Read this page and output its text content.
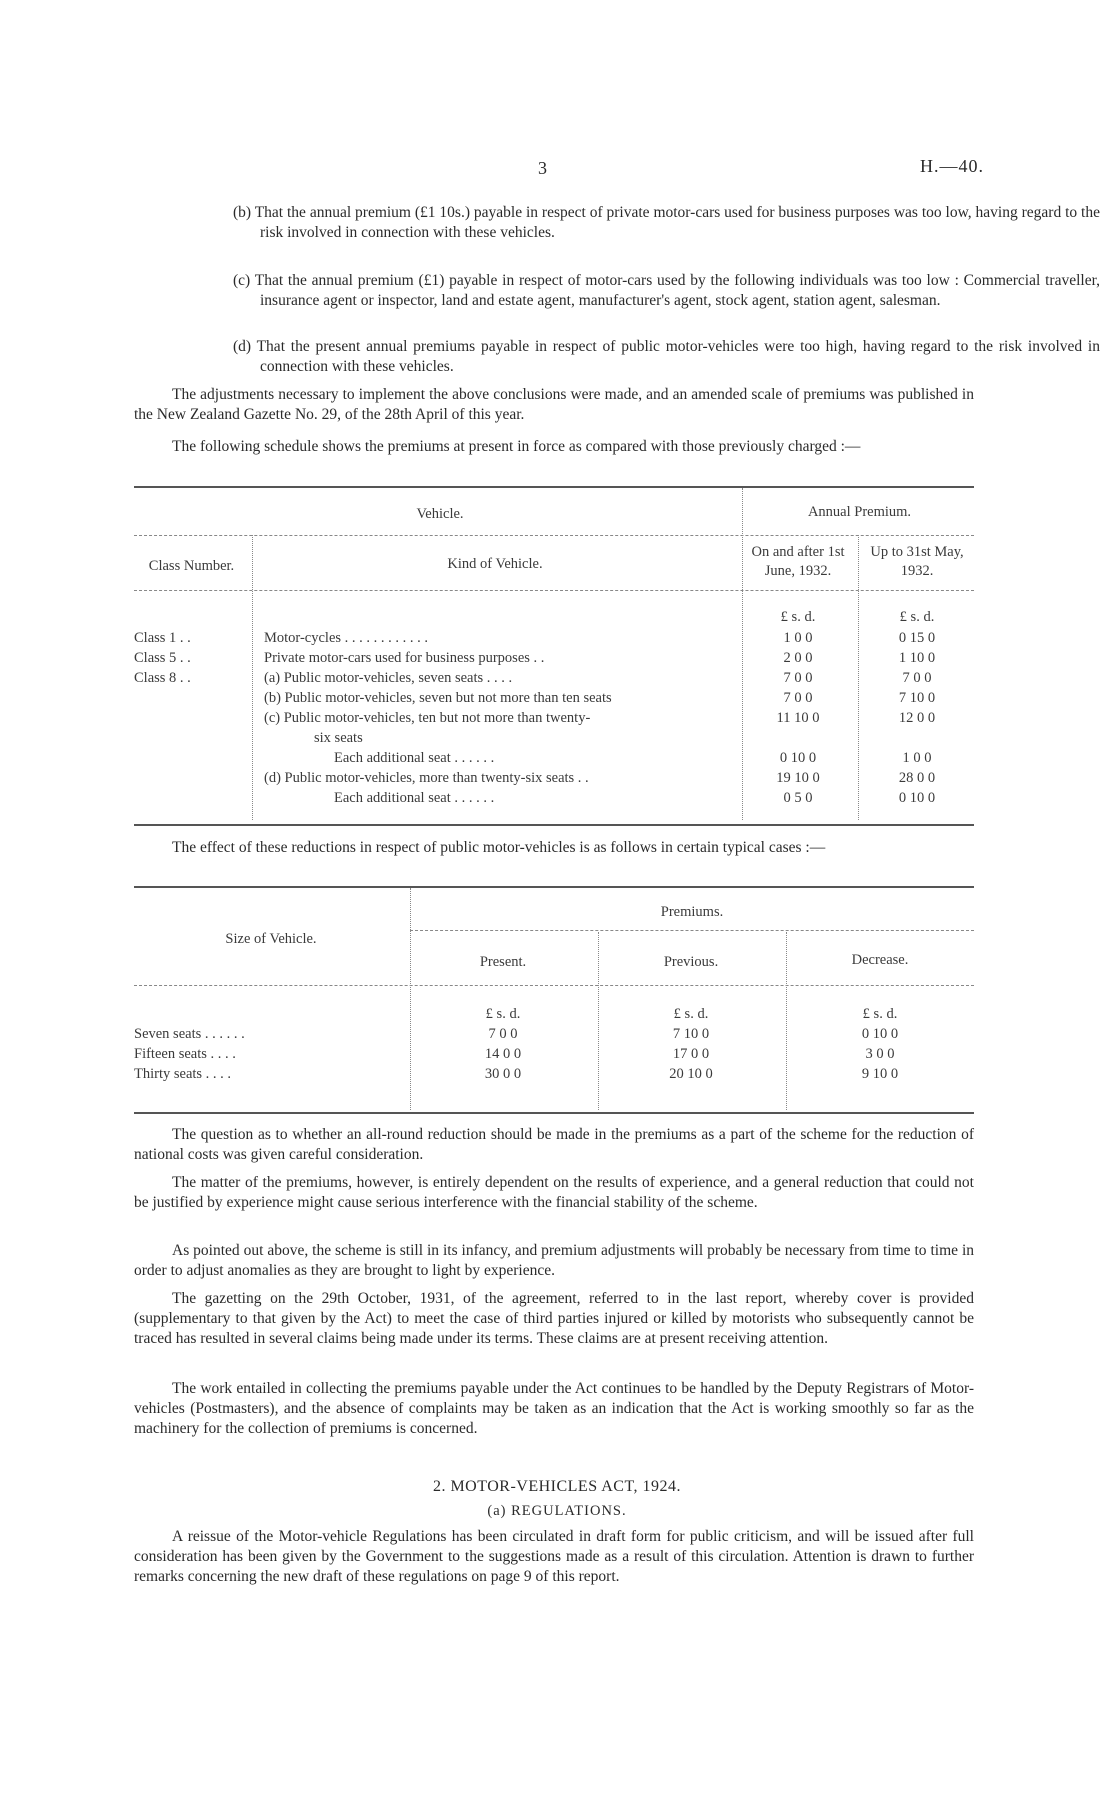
3	H.—40.
(b) That the annual premium (£1 10s.) payable in respect of private motor-cars used for business purposes was too low, having regard to the risk involved in connection with these vehicles.
(c) That the annual premium (£1) payable in respect of motor-cars used by the following individuals was too low : Commercial traveller, insurance agent or inspector, land and estate agent, manufacturer's agent, stock agent, station agent, salesman.
(d) That the present annual premiums payable in respect of public motor-vehicles were too high, having regard to the risk involved in connection with these vehicles.
The adjustments necessary to implement the above conclusions were made, and an amended scale of premiums was published in the New Zealand Gazette No. 29, of the 28th April of this year.
The following schedule shows the premiums at present in force as compared with those previously charged :—
Vehicle.	Annual Premium.
Class Number.	Kind of Vehicle.
On and after 1st June, 1932.
Up to 31st May, 1932.
£ s. d.	£ s. d.
Class 1 . .	Motor-cycles . . . . . . . . . . . .	1 0 0	0 15 0
Class 5 . .	Private motor-cars used for business purposes . .	2 0 0	1 10 0
Class 8 . .	(a) Public motor-vehicles, seven seats . . . .	7 0 0	7 0 0
(b) Public motor-vehicles, seven but not more than ten seats	7 0 0	7 10 0
(c) Public motor-vehicles, ten but not more than twenty-	11 10 0	12 0 0
six seats
Each additional seat . . . . . .	0 10 0	1 0 0
(d) Public motor-vehicles, more than twenty-six seats . .	19 10 0	28 0 0
Each additional seat . . . . . .	0 5 0	0 10 0
The effect of these reductions in respect of public motor-vehicles is as follows in certain typical cases :—
Size of Vehicle.
Premiums.
Present.	Previous.	Decrease.
£ s. d.	£ s. d.	£ s. d.
Seven seats . . . . . .	7 0 0	7 10 0	0 10 0
Fifteen seats . . . .	14 0 0	17 0 0	3 0 0
Thirty seats . . . .	30 0 0	20 10 0	9 10 0
The question as to whether an all-round reduction should be made in the premiums as a part of the scheme for the reduction of national costs was given careful consideration.
The matter of the premiums, however, is entirely dependent on the results of experience, and a general reduction that could not be justified by experience might cause serious interference with the financial stability of the scheme.
As pointed out above, the scheme is still in its infancy, and premium adjustments will probably be necessary from time to time in order to adjust anomalies as they are brought to light by experience.
The gazetting on the 29th October, 1931, of the agreement, referred to in the last report, whereby cover is provided (supplementary to that given by the Act) to meet the case of third parties injured or killed by motorists who subsequently cannot be traced has resulted in several claims being made under its terms. These claims are at present receiving attention.
The work entailed in collecting the premiums payable under the Act continues to be handled by the Deputy Registrars of Motor-vehicles (Postmasters), and the absence of complaints may be taken as an indication that the Act is working smoothly so far as the machinery for the collection of premiums is concerned.
2. MOTOR-VEHICLES ACT, 1924.
(a) REGULATIONS.
A reissue of the Motor-vehicle Regulations has been circulated in draft form for public criticism, and will be issued after full consideration has been given by the Government to the suggestions made as a result of this circulation. Attention is drawn to further remarks concerning the new draft of these regulations on page 9 of this report.
